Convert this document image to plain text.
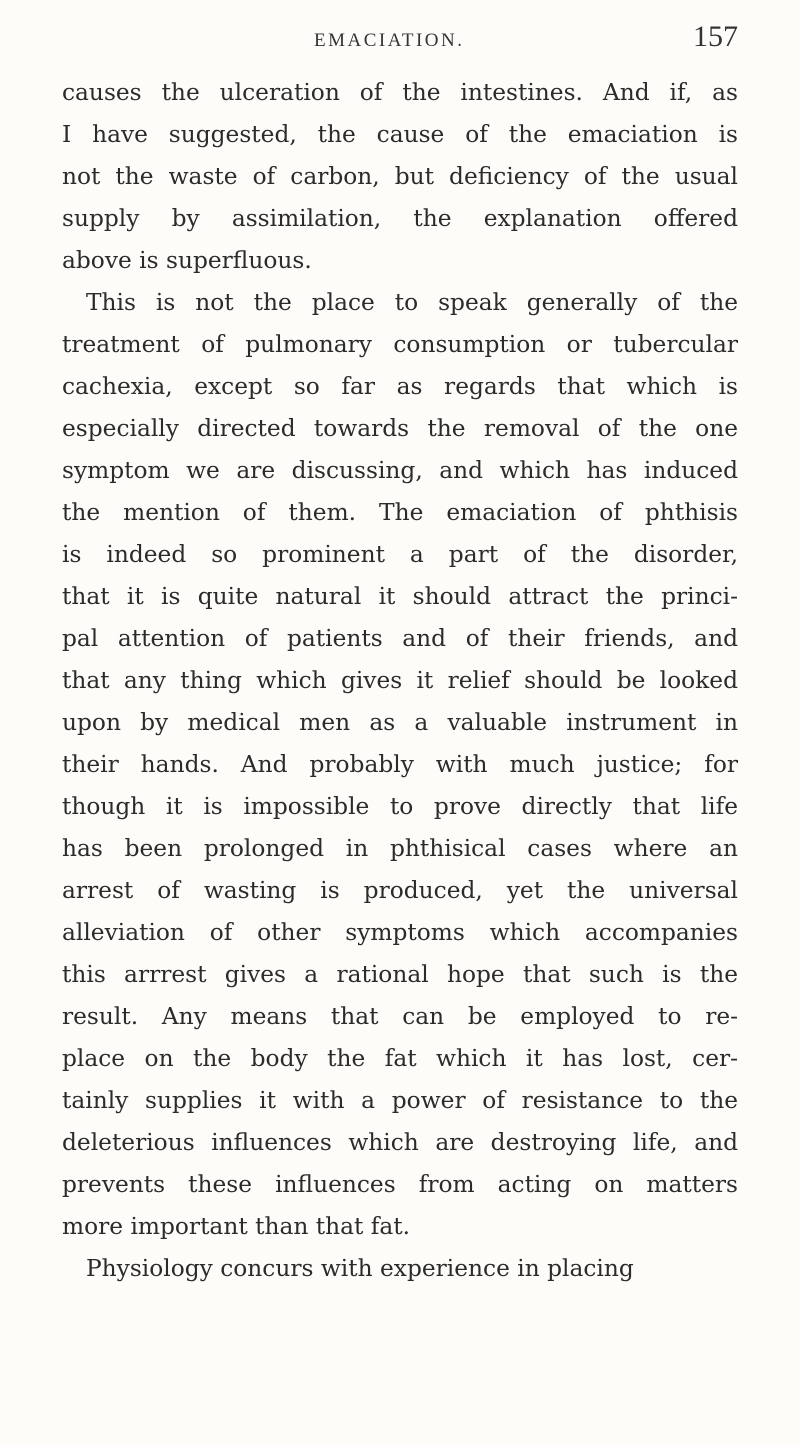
EMACIATION.	157
causes the ulceration of the intestines. And if, as
I have suggested, the cause of the emaciation is
not the waste of carbon, but deficiency of the usual
supply by assimilation, the explanation offered
above is superfluous.
This is not the place to speak generally of the
treatment of pulmonary consumption or tubercular
cachexia, except so far as regards that which is
especially directed towards the removal of the one
symptom we are discussing, and which has induced
the mention of them. The emaciation of phthisis
is indeed so prominent a part of the disorder,
that it is quite natural it should attract the princi-
pal attention of patients and of their friends, and
that any thing which gives it relief should be looked
upon by medical men as a valuable instrument in
their hands. And probably with much justice; for
though it is impossible to prove directly that life
has been prolonged in phthisical cases where an
arrest of wasting is produced, yet the universal
alleviation of other symptoms which accompanies
this arrrest gives a rational hope that such is the
result. Any means that can be employed to re-
place on the body the fat which it has lost, cer-
tainly supplies it with a power of resistance to the
deleterious influences which are destroying life, and
prevents these influences from acting on matters
more important than that fat.
Physiology concurs with experience in placing
